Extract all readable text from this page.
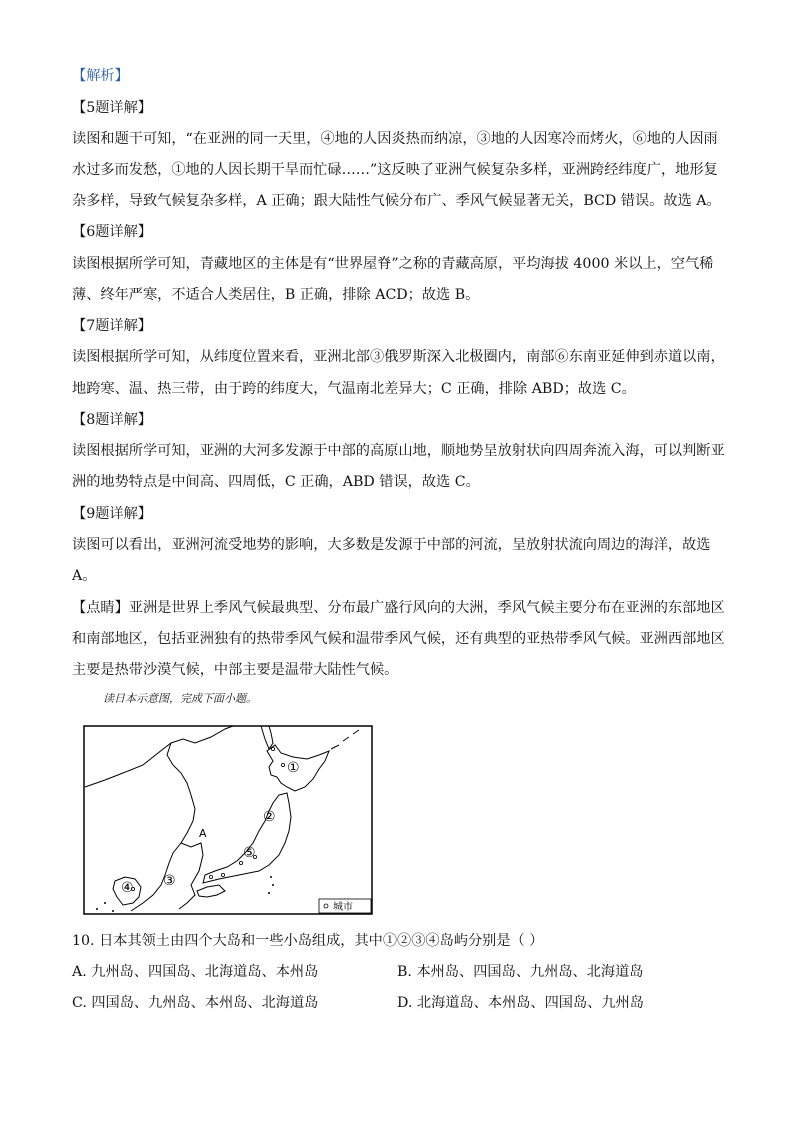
【解析】
【5题详解】
读图和题干可知，“在亚洲的同一天里，④地的人因炎热而纳凉，③地的人因寒冷而烤火，⑥地的人因雨
水过多而发愁，①地的人因长期干旱而忙碌……”这反映了亚洲气候复杂多样，亚洲跨经纬度广，地形复
杂多样，导致气候复杂多样，A 正确；跟大陆性气候分布广、季风气候显著无关，BCD 错误。故选 A。
【6题详解】
读图根据所学可知，青藏地区的主体是有“世界屋脊”之称的青藏高原，平均海拔 4000 米以上，空气稀
薄、终年严寒，不适合人类居住，B 正确，排除 ACD；故选 B。
【7题详解】
读图根据所学可知，从纬度位置来看，亚洲北部③俄罗斯深入北极圈内，南部⑥东南亚延伸到赤道以南，
地跨寒、温、热三带，由于跨的纬度大，气温南北差异大；C 正确，排除 ABD；故选 C。
【8题详解】
读图根据所学可知，亚洲的大河多发源于中部的高原山地，顺地势呈放射状向四周奔流入海，可以判断亚
洲的地势特点是中间高、四周低，C 正确，ABD 错误，故选 C。
【9题详解】
读图可以看出，亚洲河流受地势的影响，大多数是发源于中部的河流，呈放射状流向周边的海洋，故选
A。
【点睛】亚洲是世界上季风气候最典型、分布最广盛行风向的大洲，季风气候主要分布在亚洲的东部地区
和南部地区，包括亚洲独有的热带季风气候和温带季风气候，还有典型的亚热带季风气候。亚洲西部地区
主要是热带沙漠气候，中部主要是温带大陆性气候。
读日本示意图，完成下面小题。
①
②
③
④
⑤
A
城市
10. 日本其领土由四个大岛和一些小岛组成，其中①②③④岛屿分别是（ ）
A. 九州岛、四国岛、北海道岛、本州岛	B. 本州岛、四国岛、九州岛、北海道岛
C. 四国岛、九州岛、本州岛、北海道岛	D. 北海道岛、本州岛、四国岛、九州岛
